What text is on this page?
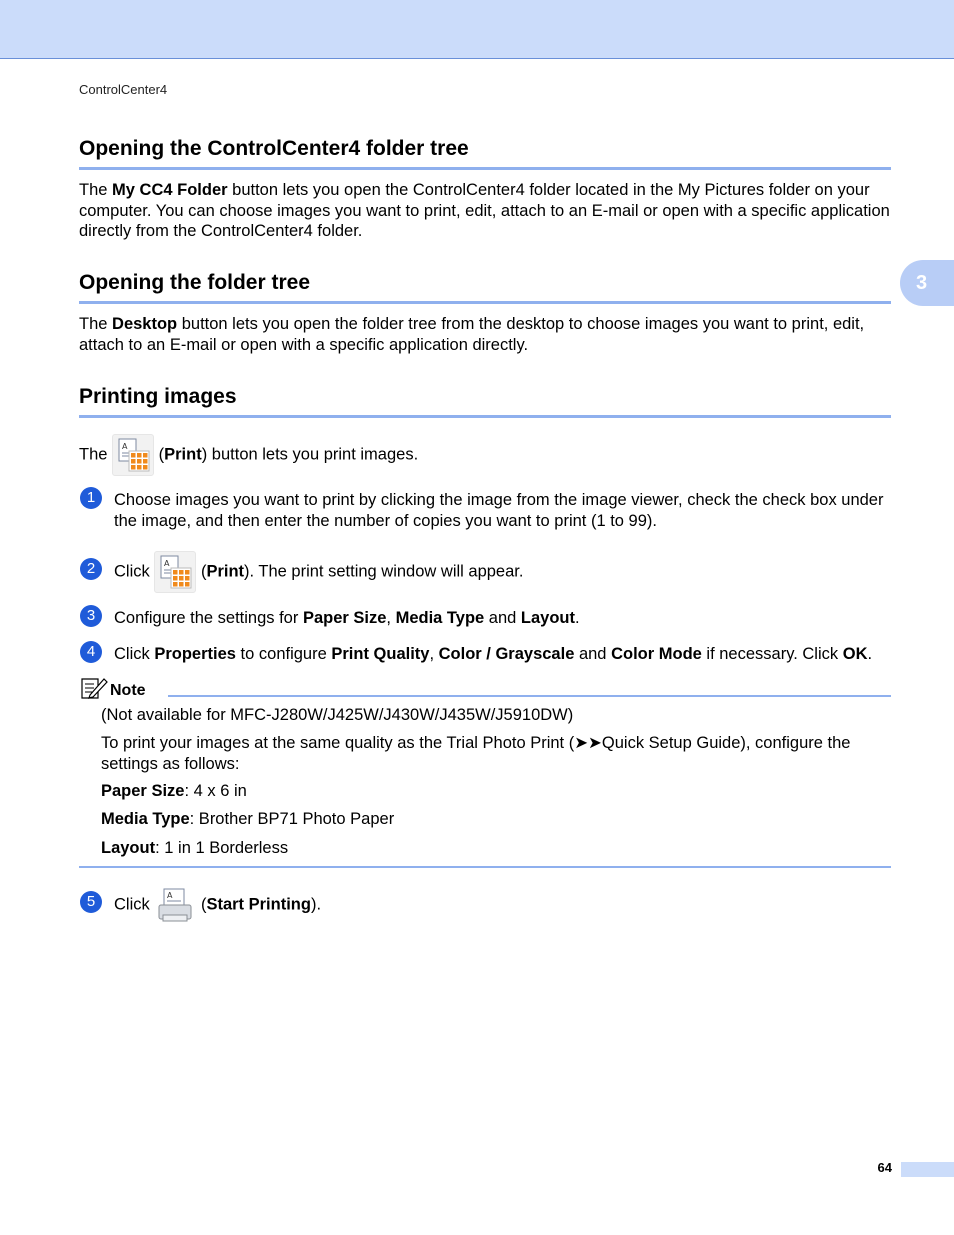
ControlCenter4
3
Opening the ControlCenter4 folder tree

The My CC4 Folder button lets you open the ControlCenter4 folder located in the My Pictures folder on your computer. You can choose images you want to print, edit, attach to an E-mail or open with a specific application directly from the ControlCenter4 folder.

Opening the folder tree

The Desktop button lets you open the folder tree from the desktop to choose images you want to print, edit, attach to an E-mail or open with a specific application directly.

Printing images

The A (Print) button lets you print images.

1	Choose images you want to print by clicking the image from the image viewer, check the check box under the image, and then enter the number of copies you want to print (1 to 99).

2	Click A (Print). The print setting window will appear.

3	Configure the settings for Paper Size, Media Type and Layout.

4	Click Properties to configure Print Quality, Color / Grayscale and Color Mode if necessary. Click OK.

Note

(Not available for MFC-J280W/J425W/J430W/J435W/J5910DW)

To print your images at the same quality as the Trial Photo Print (➤➤Quick Setup Guide), configure the settings as follows:

Paper Size: 4 x 6 in

Media Type: Brother BP71 Photo Paper

Layout: 1 in 1 Borderless

5	Click A (Start Printing).

64
